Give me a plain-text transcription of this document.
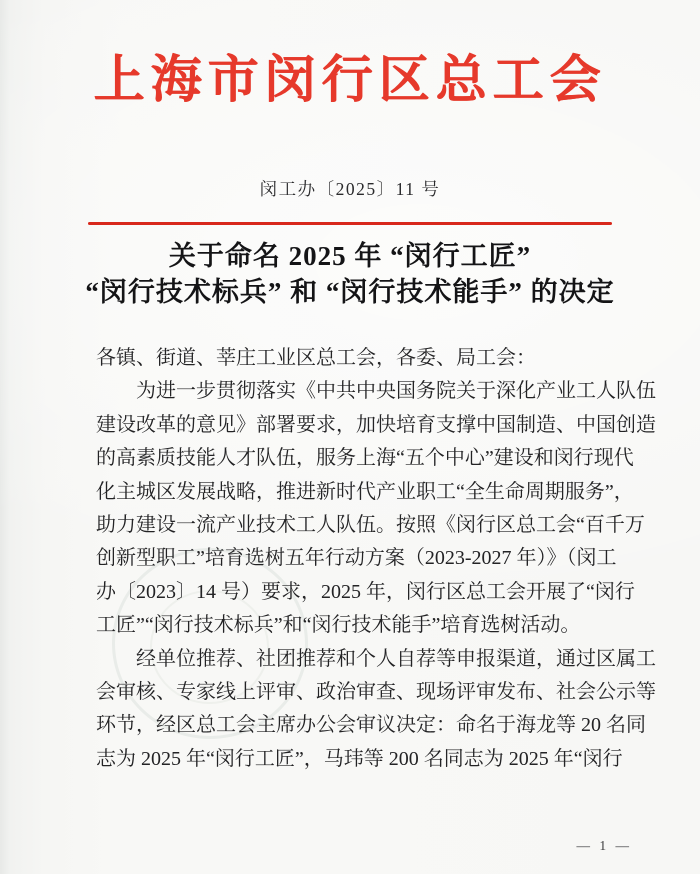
上海市闵行区总工会
闵工办〔2025〕11 号
关于命名 2025 年 “闵行工匠”
“闵行技术标兵” 和 “闵行技术能手” 的决定
各镇、街道、莘庄工业区总工会，各委、局工会：
为进一步贯彻落实《中共中央国务院关于深化产业工人队伍
建设改革的意见》部署要求，加快培育支撑中国制造、中国创造
的高素质技能人才队伍，服务上海“五个中心”建设和闵行现代
化主城区发展战略，推进新时代产业职工“全生命周期服务”，
助力建设一流产业技术工人队伍。按照《闵行区总工会“百千万
创新型职工”培育选树五年行动方案（2023-2027 年）》（闵工
办〔2023〕14 号）要求，2025 年，闵行区总工会开展了“闵行
工匠”“闵行技术标兵”和“闵行技术能手”培育选树活动。
经单位推荐、社团推荐和个人自荐等申报渠道，通过区属工
会审核、专家线上评审、政治审查、现场评审发布、社会公示等
环节，经区总工会主席办公会审议决定：命名于海龙等 20 名同
志为 2025 年“闵行工匠”，马玮等 200 名同志为 2025 年“闵行
— 1 —
